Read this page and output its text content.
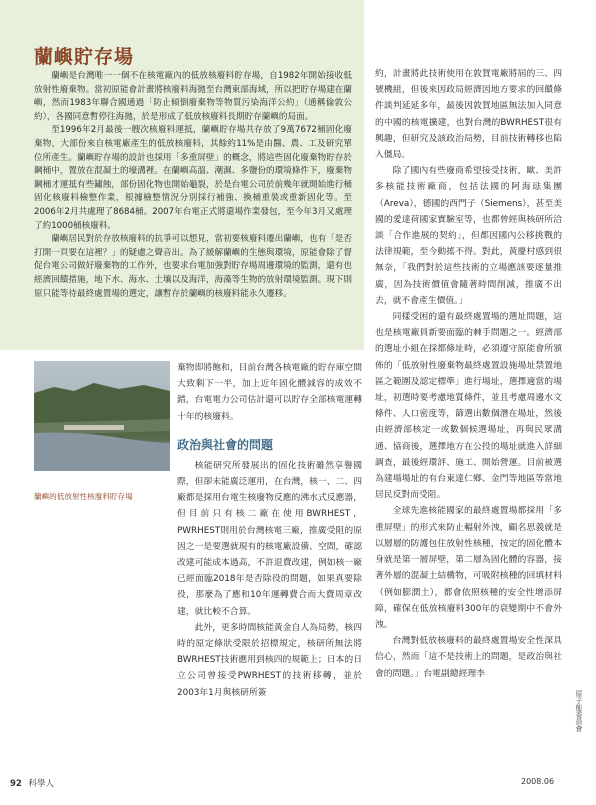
蘭嶼貯存場

蘭嶼是台灣唯一一個不在核電廠內的低放核廢料貯存場，自1982年開始接收低放射性廢棄物。當初原能會計畫將核廢料海拋至台灣東部海域，所以把貯存場建在蘭嶼，然而1983年聯合國通過「防止傾倒廢棄物等物質污染海洋公約」（通稱倫敦公約），各國同意暫停往海拋，於是形成了低放核廢料長期貯存蘭嶼的局面。

至1996年2月最後一艘次核廢料運抵，蘭嶼貯存場共存放了9萬7672桶固化廢棄物，大部份來自核電廠產生的低放核廢料，其餘約11%是由醫、農、工及研究單位所產生。蘭嶼貯存場的設計也採用「多重屏壁」的概念，將這些固化廢棄物貯存於鋼桶中，置放在混凝土的壕溝裡。在蘭嶼高溫、潮濕、多鹽份的環境條件下，廢棄物鋼桶才運抵有些鏽蝕，部份固化物也開始龜裂，於是台電公司於前幾年就開始進行桶固化核廢料檢整作業，根據檢整情況分別採行補強、換桶重裝或重新固化等。至2006年2月共處理了8684桶。2007年台電正式將還場作業發包，至今年3月又處理了約1000桶核廢料。

蘭嶼居民對於存放核廢料的抗爭可以想見，當初要核廢料遷出蘭嶼，也有「是否打開一頁要在這裡？」的疑慮之聲音出。為了緩解蘭嶼的生態與環境，原能會除了督促台電公司做好廢棄物的工作外，也要求台電加強對貯存場周邊環境的監測，還有也經濟回饋措施，地下水、海水、土壤以及海洋，海藻等生物的放射環境監測。現下則原只能等待最終處置場的選定，讓暫存於蘭嶼的核廢料能永久遷移。

蘭嶼的低放射性核廢料貯存場

棄物即將飽和，目前台灣各核電廠的貯存庫空間大致剩下一半，加上近年固化體減容的成效不錯，台電電力公司估計還可以貯存全部核電運轉十年的核廢料。

政治與社會的問題

核能研究所發展出的固化技術雖然享譽國際，但卻未能廣泛運用，在台灣，核一、二、四廠都是採用台電生核廢物反應的沸水式反應器，但目前只有核二廠在使用BWRHEST，PWRHEST則用於台灣核電三廠，推廣受阻的原因之一是要選就現有的核電廠設備、空間，確認改建可能成本過高，不許退費改建，例如核一廠已經面臨2018年是否除役的問題，如果真要除役，那麼為了應和10年運轉費合而大費周章改建，就比較不合算。

此外，更多時間核能黃金自人為局勢，核四時的原定條狀受限於招標規定，核研所無法將BWRHEST技術應用到核四的規範上；日本的日立公司曾接受PWRHEST的技術移轉，並於2003年1月與核研所簽

約，計畫將此技術使用在敦賀電廠將屆的三、四號機組，但後來因政局經濟因地方要求的回饋條件談判延延多年，最後因敦賀地區無法加入同意的中國的核電擴建，也對台灣的BWRHEST很有興趣，但研究及該政治局勢，目前技術轉移也陷入僵局。

除了國內有些廢商希望接受技術，歐、美許多核能技術廠商，包括法國的阿海琺集團（Areva），德國的西門子（Siemens），甚至美國的愛達荷國家實驗室等，也都曾經與核研所洽談「合作進展的契約」，但都因國內公移挑戰的法律規範，至今動搖不得。對此，黃慶村感到很無奈，「我們對於這些技術的立場應該要逐量推廣，因為技術價值會隨著時間削減，推廣不出去，就不會產生價值。」

同樣受困的還有最終處置場的選址問題，這也是核電廠員新要面臨的棘手問題之一。經濟部的選址小組在採都條址時，必須遵守原能會所頒佈的「低放射性廢棄物最終處置設施場址禁置地區之範圍及認定標準」進行場址，選擇適當的場址，初選時要考慮地質條件，並且考慮周邊水文條件、人口密度等，篩選出數個潛在場址，然後由經濟部核定一或數個候選場址，再與民眾溝通、協商後，選擇地方在公投的場址就進入詳細調查，最後經環評、施工、開始營運。目前被選為建場場址的有台東達仁鄉、金門等地區等當地居民反對而受阻。

全球先進核能國家的最終處置場都採用「多重屏壁」的形式來防止輻射外洩，顧名思義就是以層層的防護包住放射性核種，按定的固化體本身就是第一層屏壁，第二層為固化體的容器，接著外層的混凝土結構物，可吸附核種的回填材料（例如膨潤土），都會依照核種的安全性增添屏障，確保在低放核廢料300年的衰變期中不會外洩。

台灣對低放核廢料的最終處置場安全性深具信心，然而「這不是技術上的問題，是政治與社會的問題。」台電副總經理李

92 科學人	2008.06
原子能委員會
